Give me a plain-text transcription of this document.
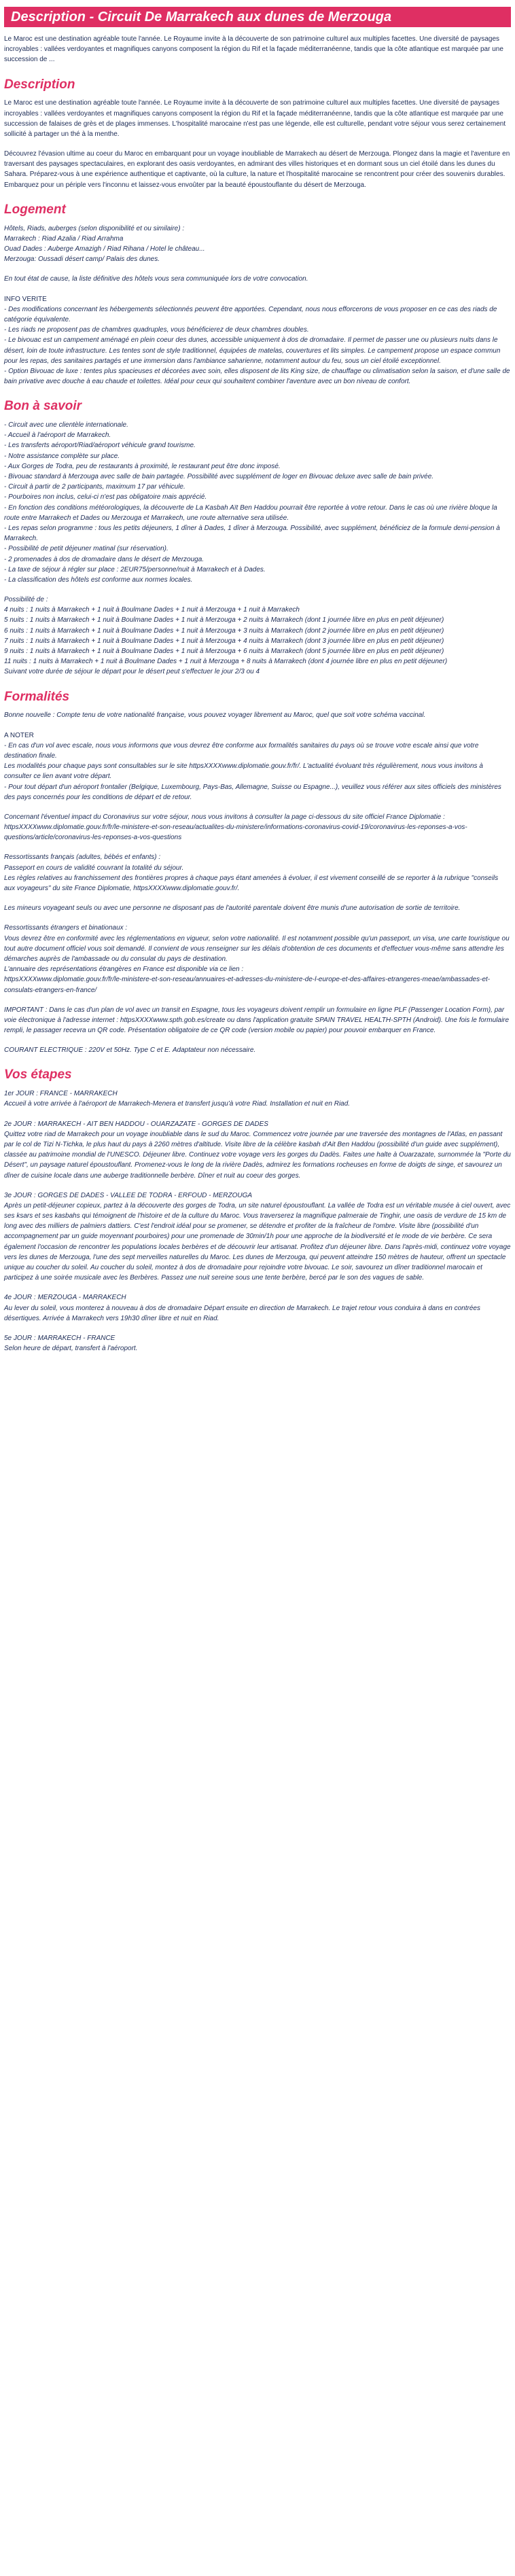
Description - Circuit De Marrakech aux dunes de Merzouga

Le Maroc est une destination agréable toute l'année. Le Royaume invite à la découverte de son patrimoine culturel aux multiples facettes. Une diversité de paysages incroyables : vallées verdoyantes et magnifiques canyons composent la région du Rif et la façade méditerranéenne, tandis que la côte atlantique est marquée par une succession de ...

Description

Le Maroc est une destination agréable toute l'année. Le Royaume invite à la découverte de son patrimoine culturel aux multiples facettes. Une diversité de paysages incroyables : vallées verdoyantes et magnifiques canyons composent la région du Rif et la façade méditerranéenne, tandis que la côte atlantique est marquée par une succession de falaises de grès et de plages immenses. L'hospitalité marocaine n'est pas une légende, elle est culturelle, pendant votre séjour vous serez certainement sollicité à partager un thé à la menthe.

Découvrez l'évasion ultime au coeur du Maroc en embarquant pour un voyage inoubliable de Marrakech au désert de Merzouga. Plongez dans la magie et l'aventure en traversant des paysages spectaculaires, en explorant des oasis verdoyantes, en admirant des villes historiques et en dormant sous un ciel étoilé dans les dunes du Sahara. Préparez-vous à une expérience authentique et captivante, où la culture, la nature et l'hospitalité marocaine se rencontrent pour créer des souvenirs durables. Embarquez pour un périple vers l'inconnu et laissez-vous envoûter par la beauté époustouflante du désert de Merzouga.

Logement
Hôtels, Riads, auberges (selon disponibilité et ou similaire) :
Marrakech : Riad Azalia / Riad Arrahma
Ouad Dades : Auberge Amazigh / Riad Rihana / Hotel le château...
Merzouga: Oussadi désert camp/ Palais des dunes.

En tout état de cause, la liste définitive des hôtels vous sera communiquée lors de votre convocation.

INFO VERITE
- Des modifications concernant les hébergements sélectionnés peuvent être apportées. Cependant, nous nous efforcerons de vous proposer en ce cas des riads de catégorie équivalente.
- Les riads ne proposent pas de chambres quadruples, vous bénéficierez de deux chambres doubles.
- Le bivouac est un campement aménagé en plein coeur des dunes, accessible uniquement à dos de dromadaire. Il permet de passer une ou plusieurs nuits dans le désert, loin de toute infrastructure. Les tentes sont de style traditionnel, équipées de matelas, couvertures et lits simples. Le campement propose un espace commun pour les repas, des sanitaires partagés et une immersion dans l'ambiance saharienne, notamment autour du feu, sous un ciel étoilé exceptionnel.
- Option Bivouac de luxe : tentes plus spacieuses et décorées avec soin, elles disposent de lits King size, de chauffage ou climatisation selon la saison, et d'une salle de bain privative avec douche à eau chaude et toilettes. Idéal pour ceux qui souhaitent combiner l'aventure avec un bon niveau de confort.
Bon à savoir
- Circuit avec une clientèle internationale.
- Accueil à l'aéroport de Marrakech.
- Les transferts aéroport/Riad/aéroport véhicule grand tourisme.
- Notre assistance complète sur place.
- Aux Gorges de Todra, peu de restaurants à proximité, le restaurant peut être donc imposé.
- Bivouac standard à Merzouga avec salle de bain partagée. Possibilité avec supplément de loger en Bivouac deluxe avec salle de bain privée.
- Circuit à partir de 2 participants, maximum 17 par véhicule.
- Pourboires non inclus, celui-ci n'est pas obligatoire mais apprécié.
- En fonction des conditions météorologiques, la découverte de La Kasbah Aït Ben Haddou pourrait être reportée à votre retour. Dans le cas où une rivière bloque la route entre Marrakech et Dades ou Merzouga et Marrakech, une route alternative sera utilisée.
- Les repas selon programme : tous les petits déjeuners, 1 dîner à Dades, 1 dîner à Merzouga. Possibilité, avec supplément, bénéficiez de la formule demi-pension à Marrakech.
- Possibilité de petit déjeuner matinal (sur réservation).
- 2 promenades à dos de dromadaire dans le désert de Merzouga.
- La taxe de séjour à régler sur place : 2EUR75/personne/nuit à Marrakech et à Dades.
- La classification des hôtels est conforme aux normes locales.
Possibilité de :
4 nuits : 1 nuits à Marrakech + 1 nuit à Boulmane Dades + 1 nuit à Merzouga + 1 nuit à Marrakech
5 nuits : 1 nuits à Marrakech + 1 nuit à Boulmane Dades + 1 nuit à Merzouga + 2 nuits à Marrakech (dont 1 journée libre en plus en petit déjeuner)
6 nuits : 1 nuits à Marrakech + 1 nuit à Boulmane Dades + 1 nuit à Merzouga + 3 nuits à Marrakech (dont 2 journée libre en plus en petit déjeuner)
7 nuits : 1 nuits à Marrakech + 1 nuit à Boulmane Dades + 1 nuit à Merzouga + 4 nuits à Marrakech (dont 3 journée libre en plus en petit déjeuner)
9 nuits : 1 nuits à Marrakech + 1 nuit à Boulmane Dades + 1 nuit à Merzouga + 6 nuits à Marrakech (dont 5 journée libre en plus en petit déjeuner)
11 nuits : 1 nuits à Marrakech + 1 nuit à Boulmane Dades + 1 nuit à Merzouga + 8 nuits à Marrakech (dont 4 journée libre en plus en petit déjeuner)
Suivant votre durée de séjour le départ pour le désert peut s'effectuer le jour 2/3 ou 4
Formalités

Bonne nouvelle : Compte tenu de votre nationalité française, vous pouvez voyager librement au Maroc, quel que soit votre schéma vaccinal.

A NOTER
- En cas d'un vol avec escale, nous vous informons que vous devrez être conforme aux formalités sanitaires du pays où se trouve votre escale ainsi que votre destination finale.
Les modalités pour chaque pays sont consultables sur le site httpsXXXXwww.diplomatie.gouv.fr/fr/. L'actualité évoluant très régulièrement, nous vous invitons à consulter ce lien avant votre départ.
- Pour tout départ d'un aéroport frontalier (Belgique, Luxembourg, Pays-Bas, Allemagne, Suisse ou Espagne...), veuillez vous référer aux sites officiels des ministères des pays concernés pour les conditions de départ et de retour.
Concernant l'éventuel impact du Coronavirus sur votre séjour, nous vous invitons à consulter la page ci-dessous du site officiel France Diplomatie :
httpsXXXXwww.diplomatie.gouv.fr/fr/le-ministere-et-son-reseau/actualites-du-ministere/informations-coronavirus-covid-19/coronavirus-les-reponses-a-vos-questions/article/coronavirus-les-reponses-a-vos-questions
Ressortissants français (adultes, bébés et enfants) :
Passeport en cours de validité couvrant la totalité du séjour.
Les règles relatives au franchissement des frontières propres à chaque pays étant amenées à évoluer, il est vivement conseillé de se reporter à la rubrique "conseils aux voyageurs" du site France Diplomatie, httpsXXXXwww.diplomatie.gouv.fr/.

Les mineurs voyageant seuls ou avec une personne ne disposant pas de l'autorité parentale doivent être munis d'une autorisation de sortie de territoire.

Ressortissants étrangers et binationaux :
Vous devrez être en conformité avec les réglementations en vigueur, selon votre nationalité. Il est notamment possible qu'un passeport, un visa, une carte touristique ou tout autre document officiel vous soit demandé. Il convient de vous renseigner sur les délais d'obtention de ces documents et d'effectuer vous-même sans attendre les démarches auprès de l'ambassade ou du consulat du pays de destination.
L'annuaire des représentations étrangères en France est disponible via ce lien :
httpsXXXXwww.diplomatie.gouv.fr/fr/le-ministere-et-son-reseau/annuaires-et-adresses-du-ministere-de-l-europe-et-des-affaires-etrangeres-meae/ambassades-et-consulats-etrangers-en-france/

IMPORTANT : Dans le cas d'un plan de vol avec un transit en Espagne, tous les voyageurs doivent remplir un formulaire en ligne PLF (Passenger Location Form), par voie électronique à l'adresse internet : httpsXXXXwww.spth.gob.es/create ou dans l'application gratuite SPAIN TRAVEL HEALTH-SPTH (Android). Une fois le formulaire rempli, le passager recevra un QR code. Présentation obligatoire de ce QR code (version mobile ou papier) pour pouvoir embarquer en France.

COURANT ELECTRIQUE : 220V et 50Hz. Type C et E. Adaptateur non nécessaire.

Vos étapes
1er JOUR : FRANCE - MARRAKECH
Accueil à votre arrivée à l'aéroport de Marrakech-Menera et transfert jusqu'à votre Riad. Installation et nuit en Riad.
2e JOUR : MARRAKECH - AIT BEN HADDOU - OUARZAZATE - GORGES DE DADES
Quittez votre riad de Marrakech pour un voyage inoubliable dans le sud du Maroc. Commencez votre journée par une traversée des montagnes de l'Atlas, en passant par le col de Tizi N-Tichka, le plus haut du pays à 2260 mètres d'altitude. Visite libre de la célèbre kasbah d'Ait Ben Haddou (possibilité d'un guide avec supplément), classée au patrimoine mondial de l'UNESCO. Déjeuner libre. Continuez votre voyage vers les gorges du Dadès. Faites une halte à Ouarzazate, surnommée la "Porte du Désert", un paysage naturel époustouflant. Promenez-vous le long de la rivière Dadès, admirez les formations rocheuses en forme de doigts de singe, et savourez un dîner de cuisine locale dans une auberge traditionnelle berbère. Dîner et nuit au coeur des gorges.
3e JOUR : GORGES DE DADES - VALLEE DE TODRA - ERFOUD - MERZOUGA
Après un petit-déjeuner copieux, partez à la découverte des gorges de Todra, un site naturel époustouflant. La vallée de Todra est un véritable musée à ciel ouvert, avec ses ksars et ses kasbahs qui témoignent de l'histoire et de la culture du Maroc. Vous traverserez la magnifique palmeraie de Tinghir, une oasis de verdure de 15 km de long avec des milliers de palmiers dattiers. C'est l'endroit idéal pour se promener, se détendre et profiter de la fraîcheur de l'ombre. Visite libre (possibilité d'un accompagnement par un guide moyennant pourboires) pour une promenade de 30min/1h pour une approche de la biodiversité et le mode de vie berbère. Ce sera également l'occasion de rencontrer les populations locales berbères et de découvrir leur artisanat. Profitez d'un déjeuner libre. Dans l'après-midi, continuez votre voyage vers les dunes de Merzouga, l'une des sept merveilles naturelles du Maroc. Les dunes de Merzouga, qui peuvent atteindre 150 mètres de hauteur, offrent un spectacle unique au coucher du soleil. Au coucher du soleil, montez à dos de dromadaire pour rejoindre votre bivouac. Le soir, savourez un dîner traditionnel marocain et participez à une soirée musicale avec les Berbères. Passez une nuit sereine sous une tente berbère, bercé par le son des vagues de sable.
4e JOUR : MERZOUGA - MARRAKECH
Au lever du soleil, vous monterez à nouveau à dos de dromadaire Départ ensuite en direction de Marrakech. Le trajet retour vous conduira à dans en contrées désertiques. Arrivée à Marrakech vers 19h30 dîner libre et nuit en Riad.
5e JOUR : MARRAKECH - FRANCE
Selon heure de départ, transfert à l'aéroport.
